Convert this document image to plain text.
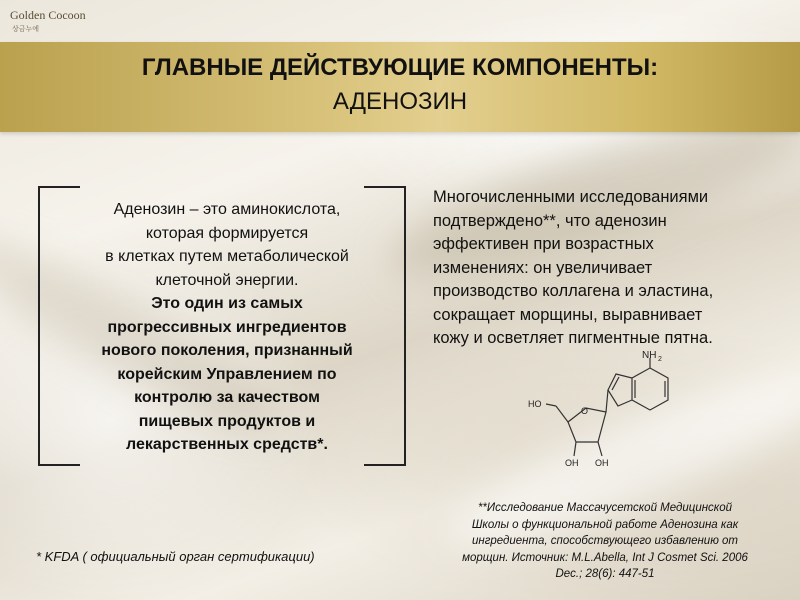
Golden Cocoon
상금누에
ГЛАВНЫЕ ДЕЙСТВУЮЩИЕ КОМПОНЕНТЫ:
АДЕНОЗИН
Аденозин – это аминокислота,
которая формируется
в клетках путем метаболической
клеточной энергии.
Это один из самых
прогрессивных ингредиентов
нового поколения, признанный
корейским Управлением по
контролю за качеством
пищевых продуктов и
лекарственных средств*.
Многочисленными исследованиями
подтверждено**, что аденозин
эффективен при возрастных
изменениях: он увеличивает
производство коллагена и эластина,
сокращает морщины, выравнивает
кожу и осветляет пигментные пятна.
NH 2
HO
O
OH OH
* KFDA ( официальный орган сертификации)
**Исследование Массачусетской Медицинской
Школы о функциональной работе Аденозина как
ингредиента, способствующего избавлению от
морщин. Источник: M.L.Abella, Int J Cosmet Sci. 2006
Dec.; 28(6): 447-51
